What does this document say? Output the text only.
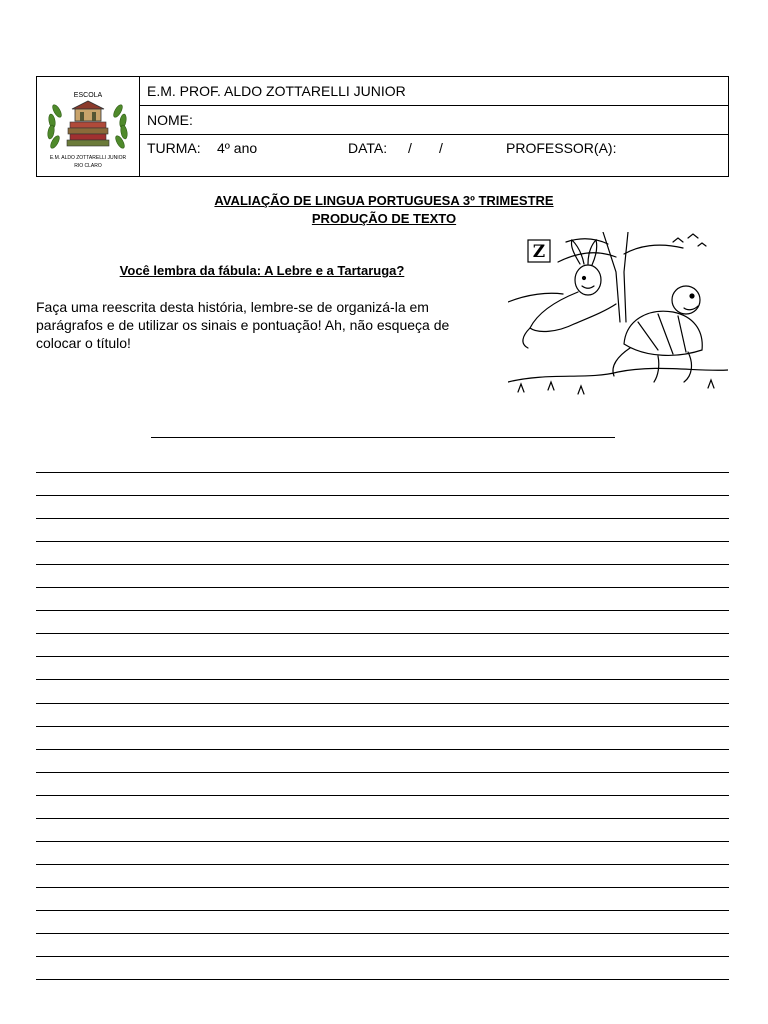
ESCOLA
E.M. ALDO ZOTTARELLI JUNIOR
RIO CLARO
E.M. PROF. ALDO ZOTTARELLI JUNIOR
NOME:
TURMA: 4º ano	DATA: / /	PROFESSOR(A):
AVALIAÇÃO DE LINGUA PORTUGUESA 3º TRIMESTRE
PRODUÇÃO DE TEXTO
Você lembra da fábula: A Lebre e a Tartaruga?
Faça uma reescrita desta história, lembre-se de organizá-la em parágrafos e de utilizar os sinais e pontuação! Ah, não esqueça de colocar o título!
Z
